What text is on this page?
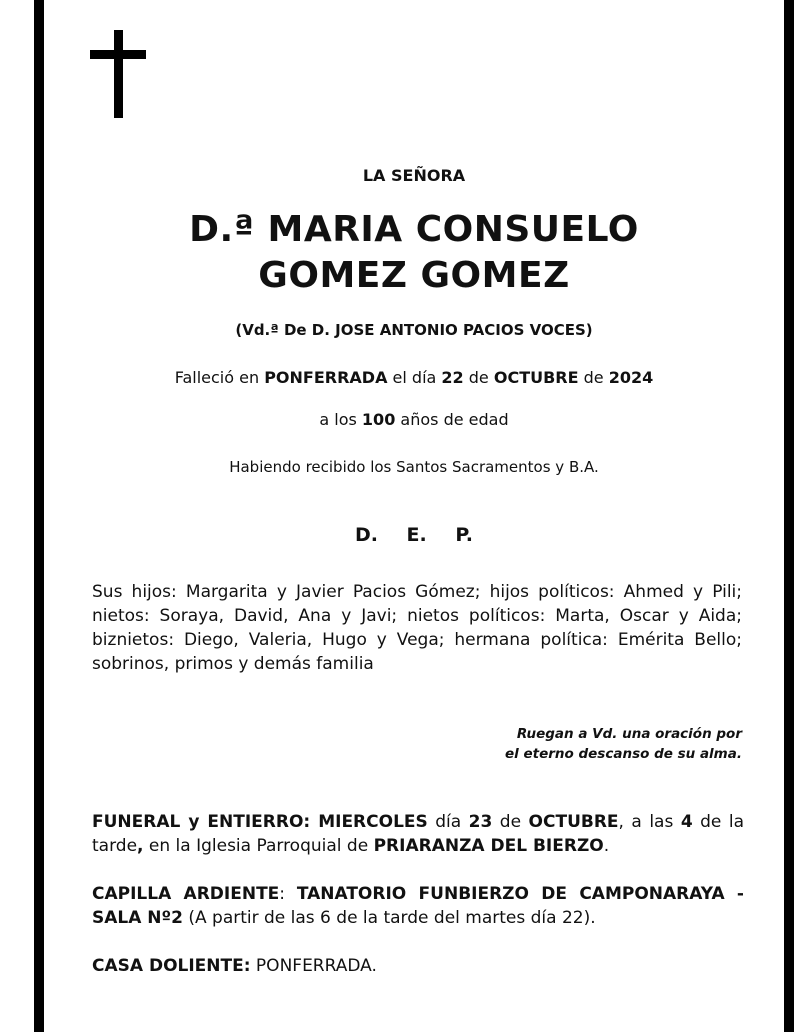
LA SEÑORA
D.ª MARIA CONSUELO
GOMEZ GOMEZ
(Vd.ª De D. JOSE ANTONIO PACIOS VOCES)
Falleció en PONFERRADA el día 22 de OCTUBRE de 2024
a los 100 años de edad
Habiendo recibido los Santos Sacramentos y B.A.
D. E. P.
Sus hijos: Margarita y Javier Pacios Gómez; hijos políticos: Ahmed y Pili; nietos: Soraya, David, Ana y Javi; nietos políticos: Marta, Oscar y Aida; biznietos: Diego, Valeria, Hugo y Vega; hermana política: Emérita Bello; sobrinos, primos y demás familia
Ruegan a Vd. una oración por
el eterno descanso de su alma.
FUNERAL y ENTIERRO: MIERCOLES día 23 de OCTUBRE, a las 4 de la tarde, en la Iglesia Parroquial de PRIARANZA DEL BIERZO.
CAPILLA ARDIENTE: TANATORIO FUNBIERZO DE CAMPONARAYA - SALA Nº2 (A partir de las 6 de la tarde del martes día 22).
CASA DOLIENTE: PONFERRADA.
